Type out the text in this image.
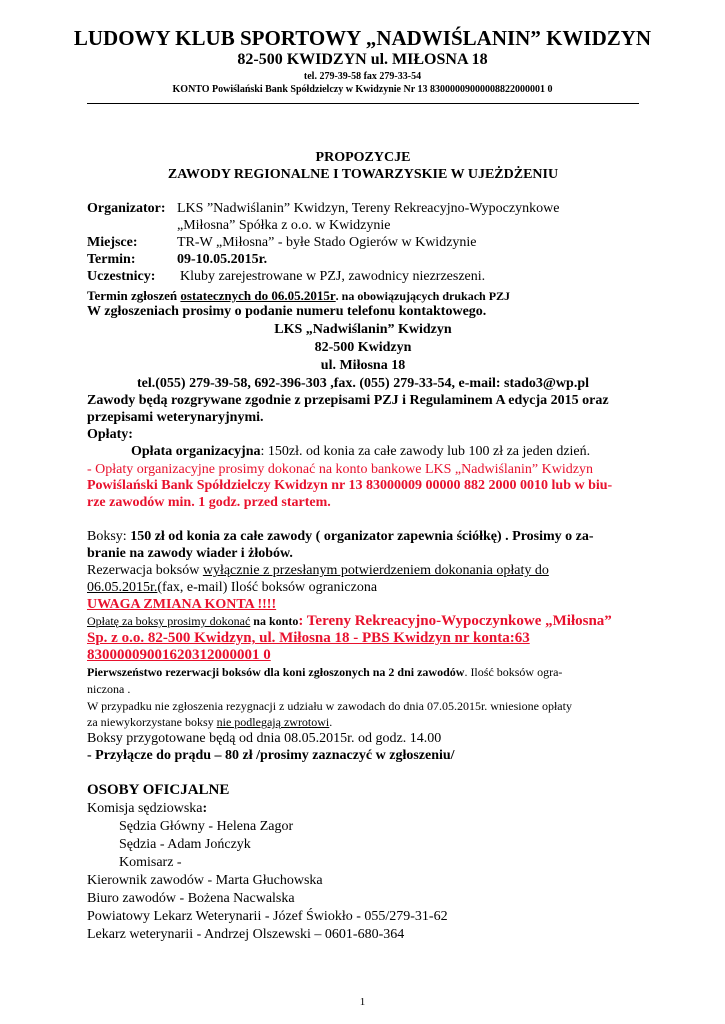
LUDOWY KLUB SPORTOWY „NADWIŚLANIN” KWIDZYN
82-500 KWIDZYN ul. MIŁOSNA 18
tel. 279-39-58 fax 279-33-54
KONTO Powiślański Bank Spółdzielczy w Kwidzynie Nr 13 83000009000008822000001 0
PROPOZYCJE
ZAWODY REGIONALNE I TOWARZYSKIE W UJEŻDŻENIU
Organizator: LKS ”Nadwiślanin” Kwidzyn, Tereny Rekreacyjno-Wypoczynkowe
„Miłosna” Spółka z o.o. w Kwidzynie
Miejsce:	TR-W „Miłosna” - byłe Stado Ogierów w Kwidzynie
Termin:	09-10.05.2015r.
Uczestnicy: Kluby zarejestrowane w PZJ, zawodnicy niezrzeszeni.
Termin zgłoszeń ostatecznych do 06.05.2015r. na obowiązujących drukach PZJ
W zgłoszeniach prosimy o podanie numeru telefonu kontaktowego.
LKS „Nadwiślanin” Kwidzyn
82-500 Kwidzyn
ul. Miłosna 18
tel.(055) 279-39-58, 692-396-303 ,fax. (055) 279-33-54, e-mail: stado3@wp.pl
Zawody będą rozgrywane zgodnie z przepisami PZJ i Regulaminem A edycja 2015 oraz
przepisami weterynaryjnymi.
Opłaty:
Opłata organizacyjna: 150zł. od konia za całe zawody lub 100 zł za jeden dzień.
- Opłaty organizacyjne prosimy dokonać na konto bankowe LKS „Nadwiślanin” Kwidzyn
Powiślański Bank Spółdzielczy Kwidzyn nr 13 83000009 00000 882 2000 0010 lub w biu-
rze zawodów min. 1 godz. przed startem.
Boksy: 150 zł od konia za całe zawody ( organizator zapewnia ściółkę) . Prosimy o za-
branie na zawody wiader i żłobów.
Rezerwacja boksów wyłącznie z przesłanym potwierdzeniem dokonania opłaty do
06.05.2015r.(fax, e-mail) Ilość boksów ograniczona
UWAGA ZMIANA KONTA !!!!
Opłatę za boksy prosimy dokonać na konto: Tereny Rekreacyjno-Wypoczynkowe „Miłosna”
Sp. z o.o. 82-500 Kwidzyn, ul. Miłosna 18 - PBS Kwidzyn nr konta:63
83000009001620312000001 0
Pierwszeństwo rezerwacji boksów dla koni zgłoszonych na 2 dni zawodów. Ilość boksów ogra-
niczona .
W przypadku nie zgłoszenia rezygnacji z udziału w zawodach do dnia 07.05.2015r. wniesione opłaty
za niewykorzystane boksy nie podlegają zwrotowi.
Boksy przygotowane będą od dnia 08.05.2015r. od godz. 14.00
- Przyłącze do prądu – 80 zł /prosimy zaznaczyć w zgłoszeniu/
OSOBY OFICJALNE
Komisja sędziowska:
Sędzia Główny - Helena Zagor
Sędzia - Adam Jończyk
Komisarz -
Kierownik zawodów - Marta Głuchowska
Biuro zawodów - Bożena Nacwalska
Powiatowy Lekarz Weterynarii - Józef Świokło - 055/279-31-62
Lekarz weterynarii - Andrzej Olszewski – 0601-680-364
1
